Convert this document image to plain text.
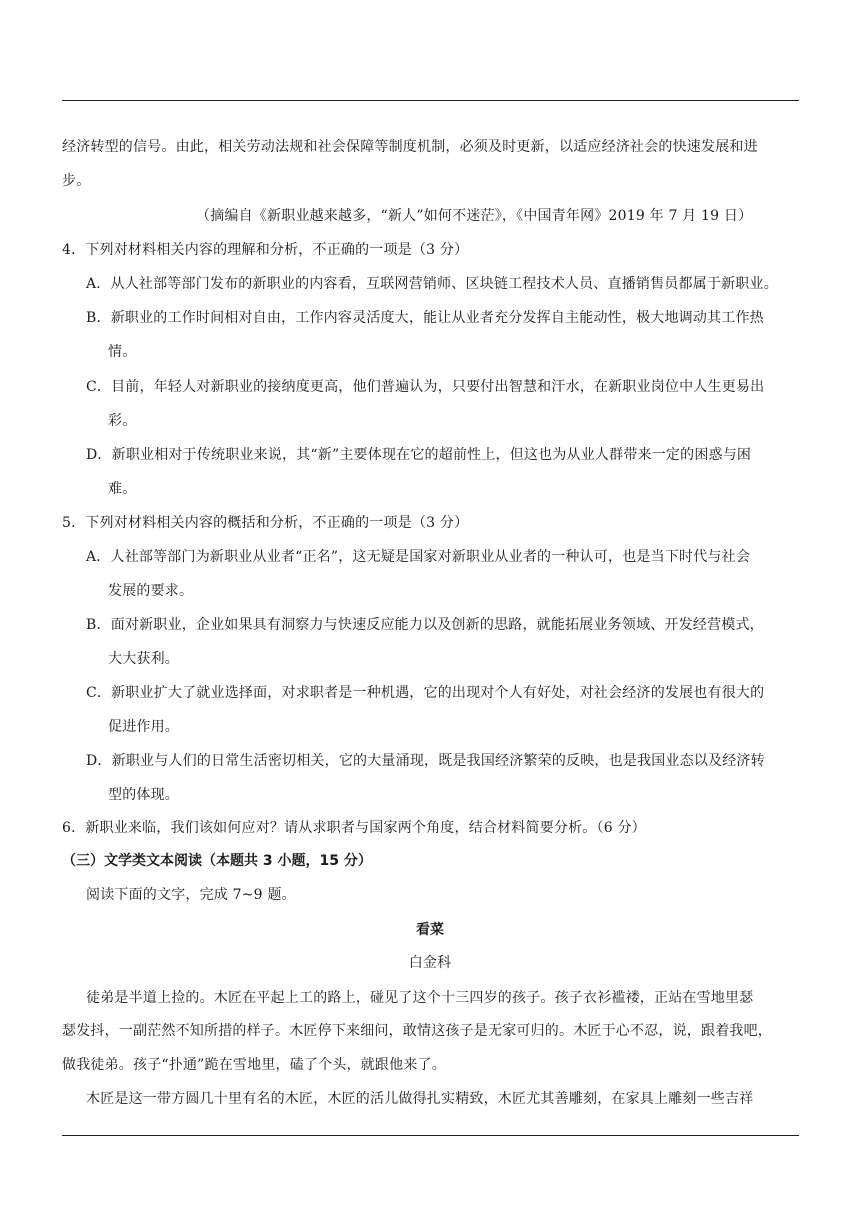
经济转型的信号。由此，相关劳动法规和社会保障等制度机制，必须及时更新，以适应经济社会的快速发展和进
步。
（摘编自《新职业越来越多，“新人”如何不迷茫》，《中国青年网》2019 年 7 月 19 日）
4．下列对材料相关内容的理解和分析，不正确的一项是（3 分）
A．从人社部等部门发布的新职业的内容看，互联网营销师、区块链工程技术人员、直播销售员都属于新职业。
B．新职业的工作时间相对自由，工作内容灵活度大，能让从业者充分发挥自主能动性，极大地调动其工作热
情。
C．目前，年轻人对新职业的接纳度更高，他们普遍认为，只要付出智慧和汗水，在新职业岗位中人生更易出
彩。
D．新职业相对于传统职业来说，其“新”主要体现在它的超前性上，但这也为从业人群带来一定的困惑与困
难。
5．下列对材料相关内容的概括和分析，不正确的一项是（3 分）
A．人社部等部门为新职业从业者“正名”，这无疑是国家对新职业从业者的一种认可，也是当下时代与社会
发展的要求。
B．面对新职业，企业如果具有洞察力与快速反应能力以及创新的思路，就能拓展业务领域、开发经营模式，
大大获利。
C．新职业扩大了就业选择面，对求职者是一种机遇，它的出现对个人有好处，对社会经济的发展也有很大的
促进作用。
D．新职业与人们的日常生活密切相关，它的大量涌现，既是我国经济繁荣的反映，也是我国业态以及经济转
型的体现。
6．新职业来临，我们该如何应对？请从求职者与国家两个角度，结合材料简要分析。（6 分）
（三）文学类文本阅读（本题共 3 小题，15 分）
阅读下面的文字，完成 7~9 题。
看菜
白金科
徒弟是半道上捡的。木匠在平起上工的路上，碰见了这个十三四岁的孩子。孩子衣衫褴褛，正站在雪地里瑟
瑟发抖，一副茫然不知所措的样子。木匠停下来细问，敢情这孩子是无家可归的。木匠于心不忍，说，跟着我吧，
做我徒弟。孩子“扑通”跪在雪地里，磕了个头，就跟他来了。
木匠是这一带方圆几十里有名的木匠，木匠的活儿做得扎实精致，木匠尤其善雕刻，在家具上雕刻一些吉祥
